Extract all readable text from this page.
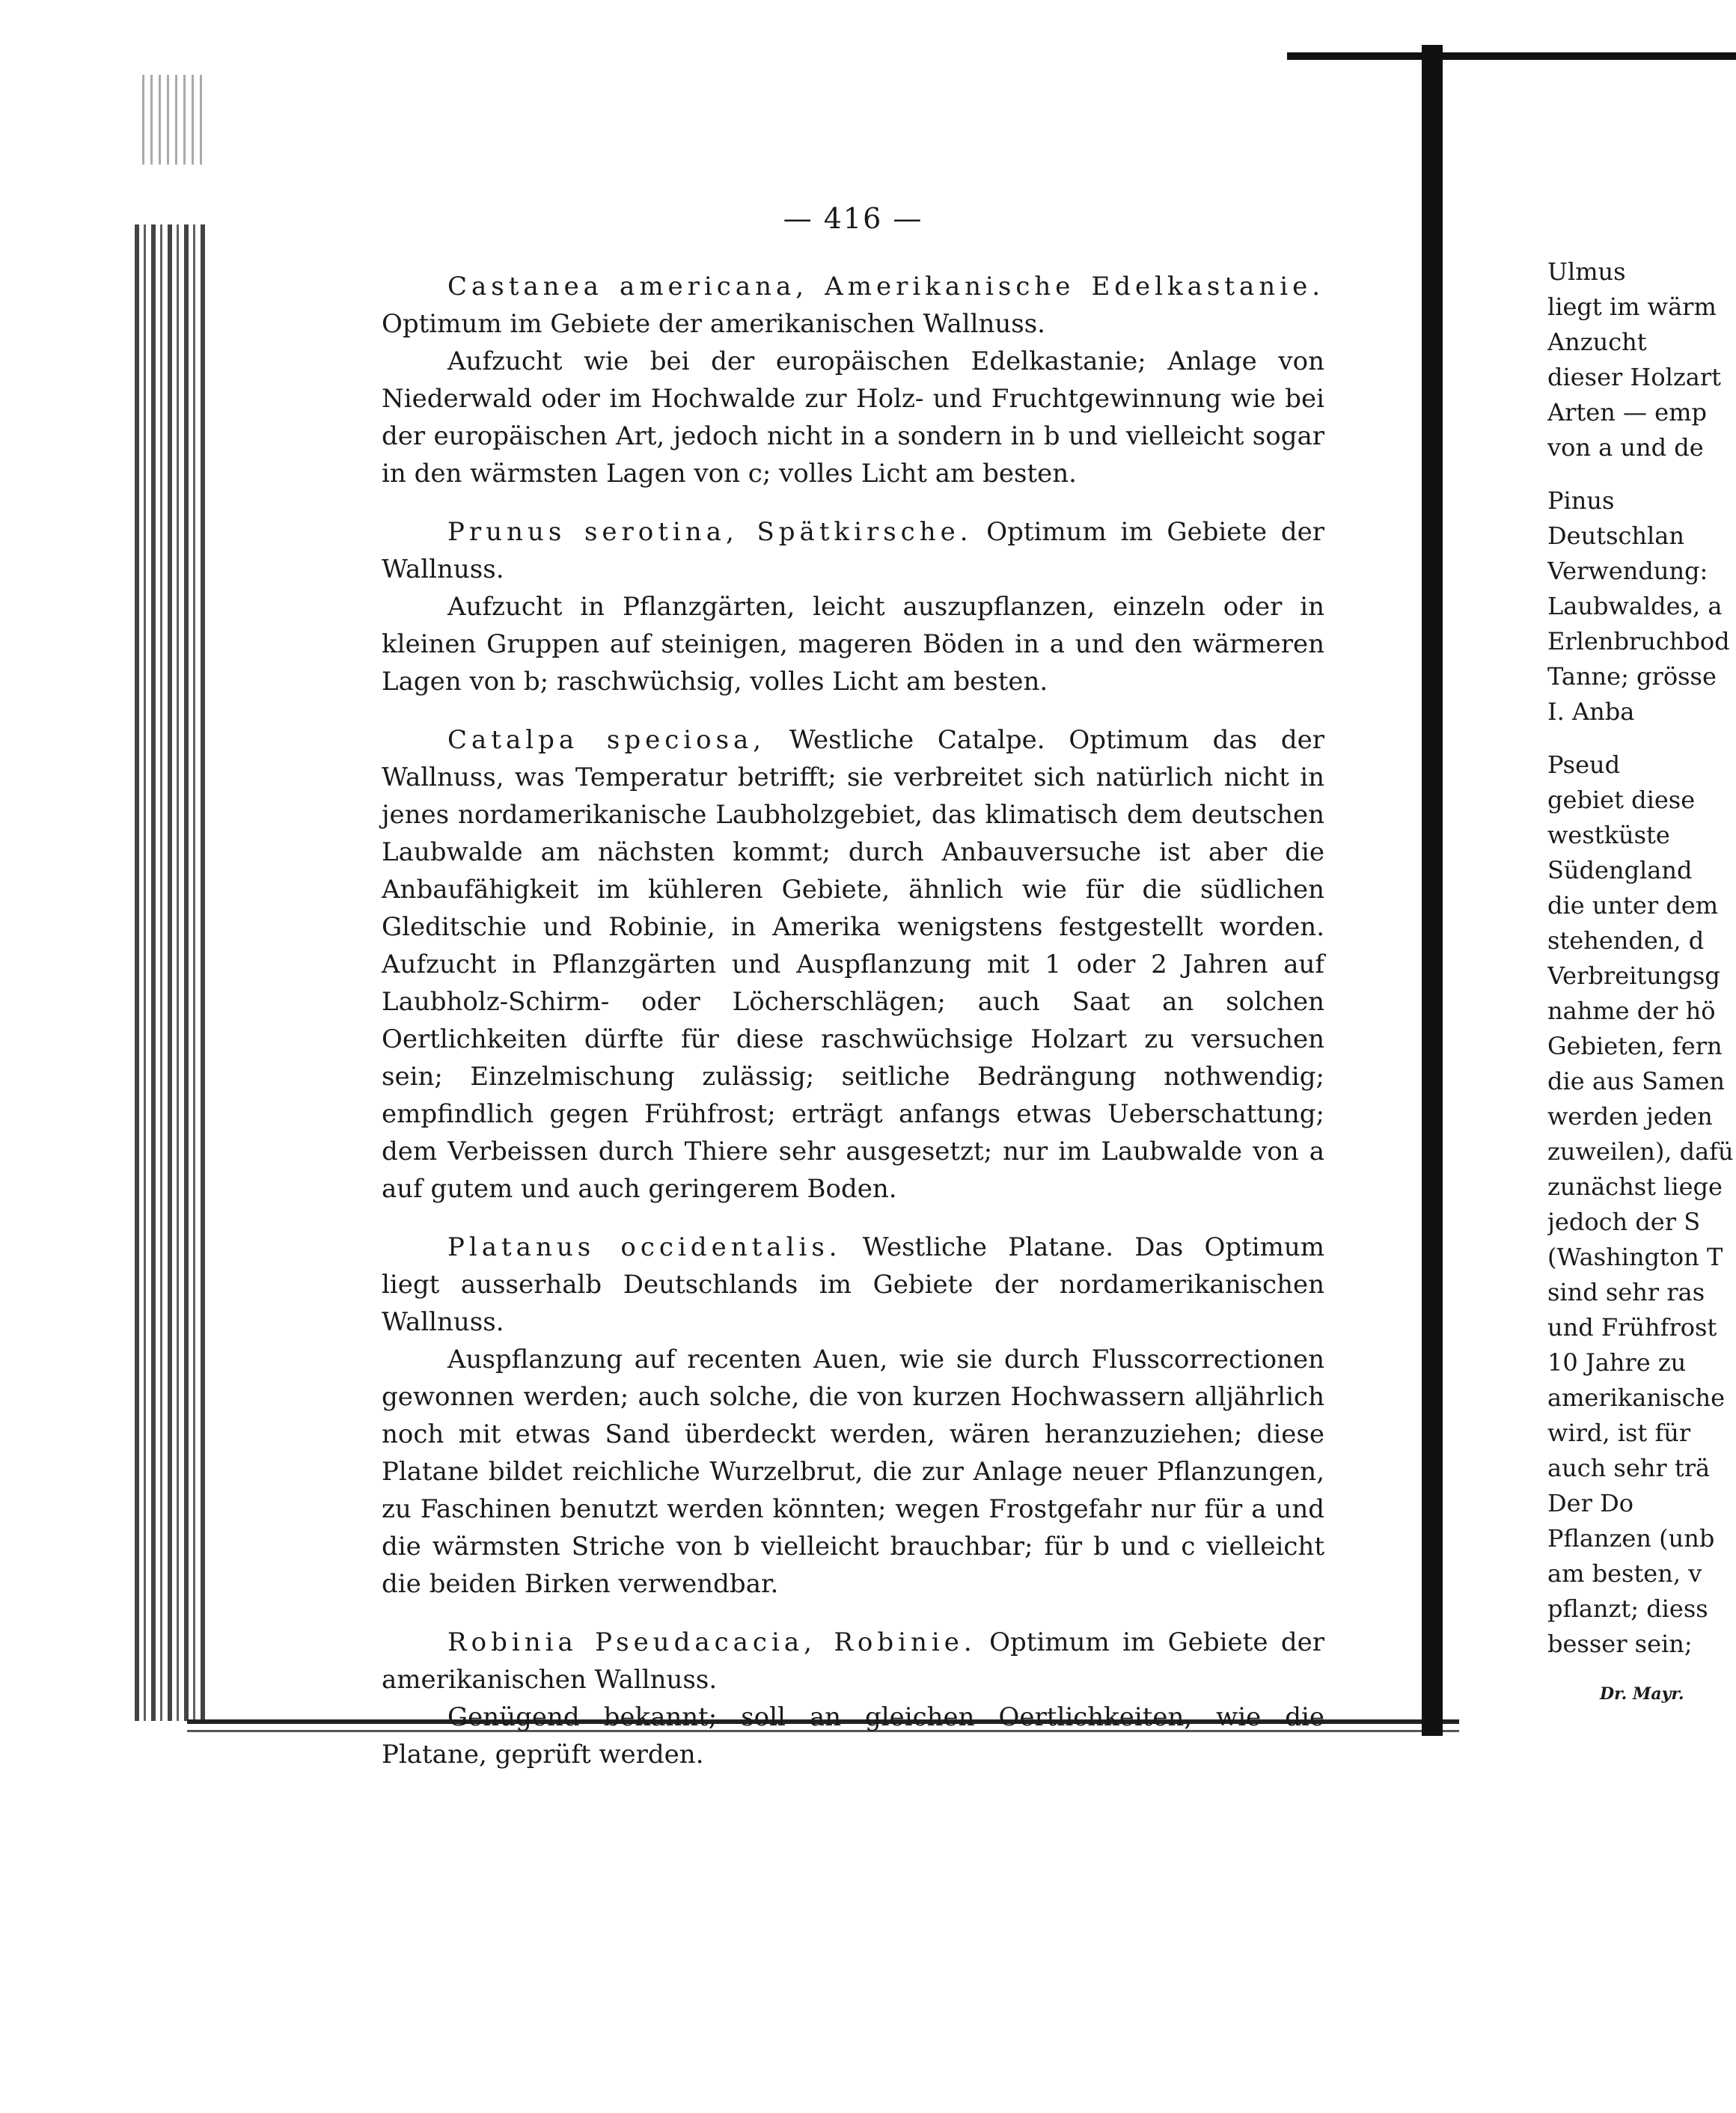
— 416 —

Castanea americana, Amerikanische Edelkastanie. Optimum im Gebiete der amerikanischen Wallnuss.

Aufzucht wie bei der europäischen Edelkastanie; Anlage von Niederwald oder im Hochwalde zur Holz- und Fruchtgewinnung wie bei der europäischen Art, jedoch nicht in a sondern in b und vielleicht sogar in den wärmsten Lagen von c; volles Licht am besten.

Prunus serotina, Spätkirsche. Optimum im Gebiete der Wallnuss.

Aufzucht in Pflanzgärten, leicht auszupflanzen, einzeln oder in kleinen Gruppen auf steinigen, mageren Böden in a und den wärmeren Lagen von b; raschwüchsig, volles Licht am besten.

Catalpa speciosa, Westliche Catalpe. Optimum das der Wallnuss, was Temperatur betrifft; sie verbreitet sich natürlich nicht in jenes nordamerikanische Laubholzgebiet, das klimatisch dem deutschen Laubwalde am nächsten kommt; durch Anbauversuche ist aber die Anbaufähigkeit im kühleren Gebiete, ähnlich wie für die südlichen Gleditschie und Robinie, in Amerika wenigstens festgestellt worden. Aufzucht in Pflanzgärten und Auspflanzung mit 1 oder 2 Jahren auf Laubholz-Schirm- oder Löcherschlägen; auch Saat an solchen Oertlichkeiten dürfte für diese raschwüchsige Holzart zu versuchen sein; Einzelmischung zulässig; seitliche Bedrängung nothwendig; empfindlich gegen Frühfrost; erträgt anfangs etwas Ueberschattung; dem Verbeissen durch Thiere sehr ausgesetzt; nur im Laubwalde von a auf gutem und auch geringerem Boden.

Platanus occidentalis. Westliche Platane. Das Optimum liegt ausserhalb Deutschlands im Gebiete der nordamerikanischen Wallnuss.

Auspflanzung auf recenten Auen, wie sie durch Flusscorrectionen gewonnen werden; auch solche, die von kurzen Hochwassern alljährlich noch mit etwas Sand überdeckt werden, wären heranzuziehen; diese Platane bildet reichliche Wurzelbrut, die zur Anlage neuer Pflanzungen, zu Faschinen benutzt werden könnten; wegen Frostgefahr nur für a und die wärmsten Striche von b vielleicht brauchbar; für b und c vielleicht die beiden Birken verwendbar.

Robinia Pseudacacia, Robinie. Optimum im Gebiete der amerikanischen Wallnuss.

Genügend bekannt; soll an gleichen Oertlichkeiten, wie die Platane, geprüft werden.

Ulmus
liegt im wärm
Anzucht
dieser Holzart
Arten — emp
von a und de
Pinus
Deutschlan
Verwendung:
Laubwaldes, a
Erlenbruchbod
Tanne; grösse
I. Anba
Pseud
gebiet diese
westküste
Südengland
die unter dem
stehenden, d
Verbreitungsg
nahme der hö
Gebieten, fern
die aus Samen
werden jeden
zuweilen), dafü
zunächst liege
jedoch der S
(Washington T
sind sehr ras
und Frühfrost
10 Jahre zu
amerikanische
wird, ist für
auch sehr trä
Der Do
Pflanzen (unb
am besten, v
pflanzt; diess
besser sein;
Dr. Mayr.
